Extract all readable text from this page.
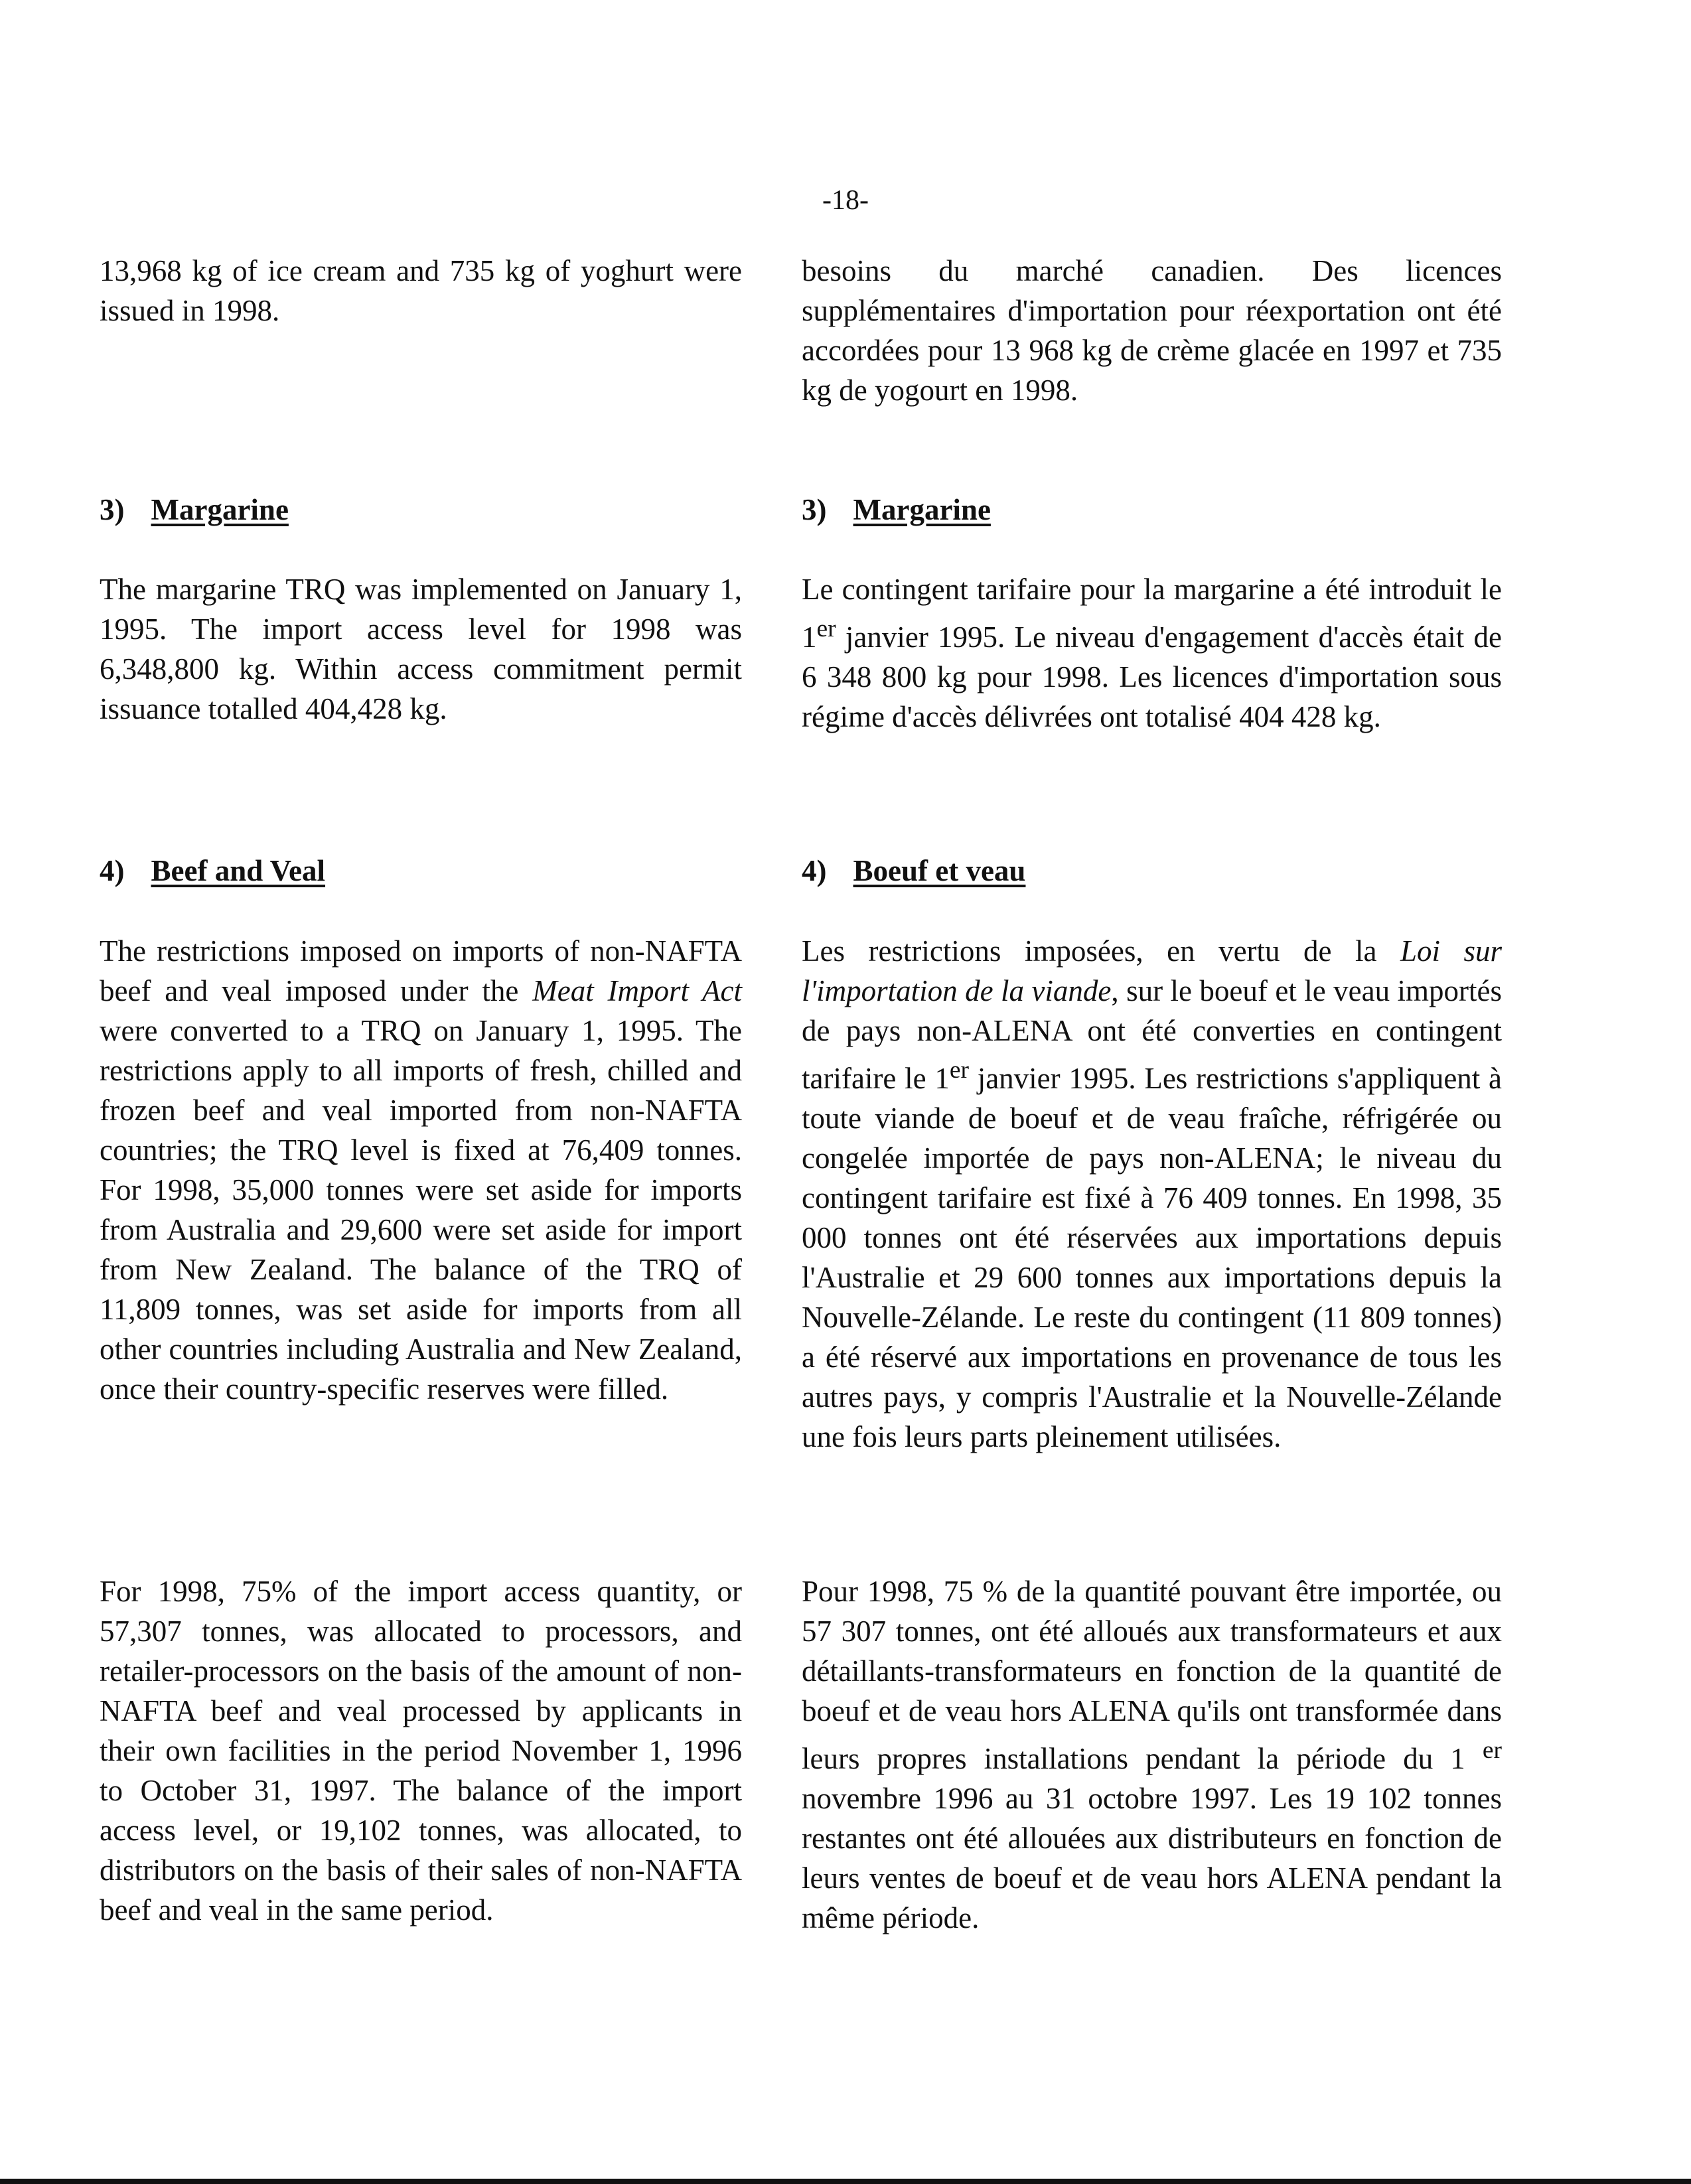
-18-

13,968 kg of ice cream and 735 kg of yoghurt were issued in 1998.

3) Margarine

The margarine TRQ was implemented on January 1, 1995. The import access level for 1998 was 6,348,800 kg. Within access commitment permit issuance totalled 404,428 kg.

4) Beef and Veal

The restrictions imposed on imports of non-NAFTA beef and veal imposed under the Meat Import Act were converted to a TRQ on January 1, 1995. The restrictions apply to all imports of fresh, chilled and frozen beef and veal imported from non-NAFTA countries; the TRQ level is fixed at 76,409 tonnes. For 1998, 35,000 tonnes were set aside for imports from Australia and 29,600 were set aside for import from New Zealand. The balance of the TRQ of 11,809 tonnes, was set aside for imports from all other countries including Australia and New Zealand, once their country-specific reserves were filled.

For 1998, 75% of the import access quantity, or 57,307 tonnes, was allocated to processors, and retailer-processors on the basis of the amount of non-NAFTA beef and veal processed by applicants in their own facilities in the period November 1, 1996 to October 31, 1997. The balance of the import access level, or 19,102 tonnes, was allocated, to distributors on the basis of their sales of non-NAFTA beef and veal in the same period.

besoins du marché canadien. Des licences supplémentaires d'importation pour réexportation ont été accordées pour 13 968 kg de crème glacée en 1997 et 735 kg de yogourt en 1998.

3) Margarine

Le contingent tarifaire pour la margarine a été introduit le 1er janvier 1995. Le niveau d'engagement d'accès était de 6 348 800 kg pour 1998. Les licences d'importation sous régime d'accès délivrées ont totalisé 404 428 kg.

4) Boeuf et veau

Les restrictions imposées, en vertu de la Loi sur l'importation de la viande, sur le boeuf et le veau importés de pays non-ALENA ont été converties en contingent tarifaire le 1er janvier 1995. Les restrictions s'appliquent à toute viande de boeuf et de veau fraîche, réfrigérée ou congelée importée de pays non-ALENA; le niveau du contingent tarifaire est fixé à 76 409 tonnes. En 1998, 35 000 tonnes ont été réservées aux importations depuis l'Australie et 29 600 tonnes aux importations depuis la Nouvelle-Zélande. Le reste du contingent (11 809 tonnes) a été réservé aux importations en provenance de tous les autres pays, y compris l'Australie et la Nouvelle-Zélande une fois leurs parts pleinement utilisées.

Pour 1998, 75 % de la quantité pouvant être importée, ou 57 307 tonnes, ont été alloués aux transformateurs et aux détaillants-transformateurs en fonction de la quantité de boeuf et de veau hors ALENA qu'ils ont transformée dans leurs propres installations pendant la période du 1 $^{er}$ novembre 1996 au 31 octobre 1997. Les 19 102 tonnes restantes ont été allouées aux distributeurs en fonction de leurs ventes de boeuf et de veau hors ALENA pendant la même période.
